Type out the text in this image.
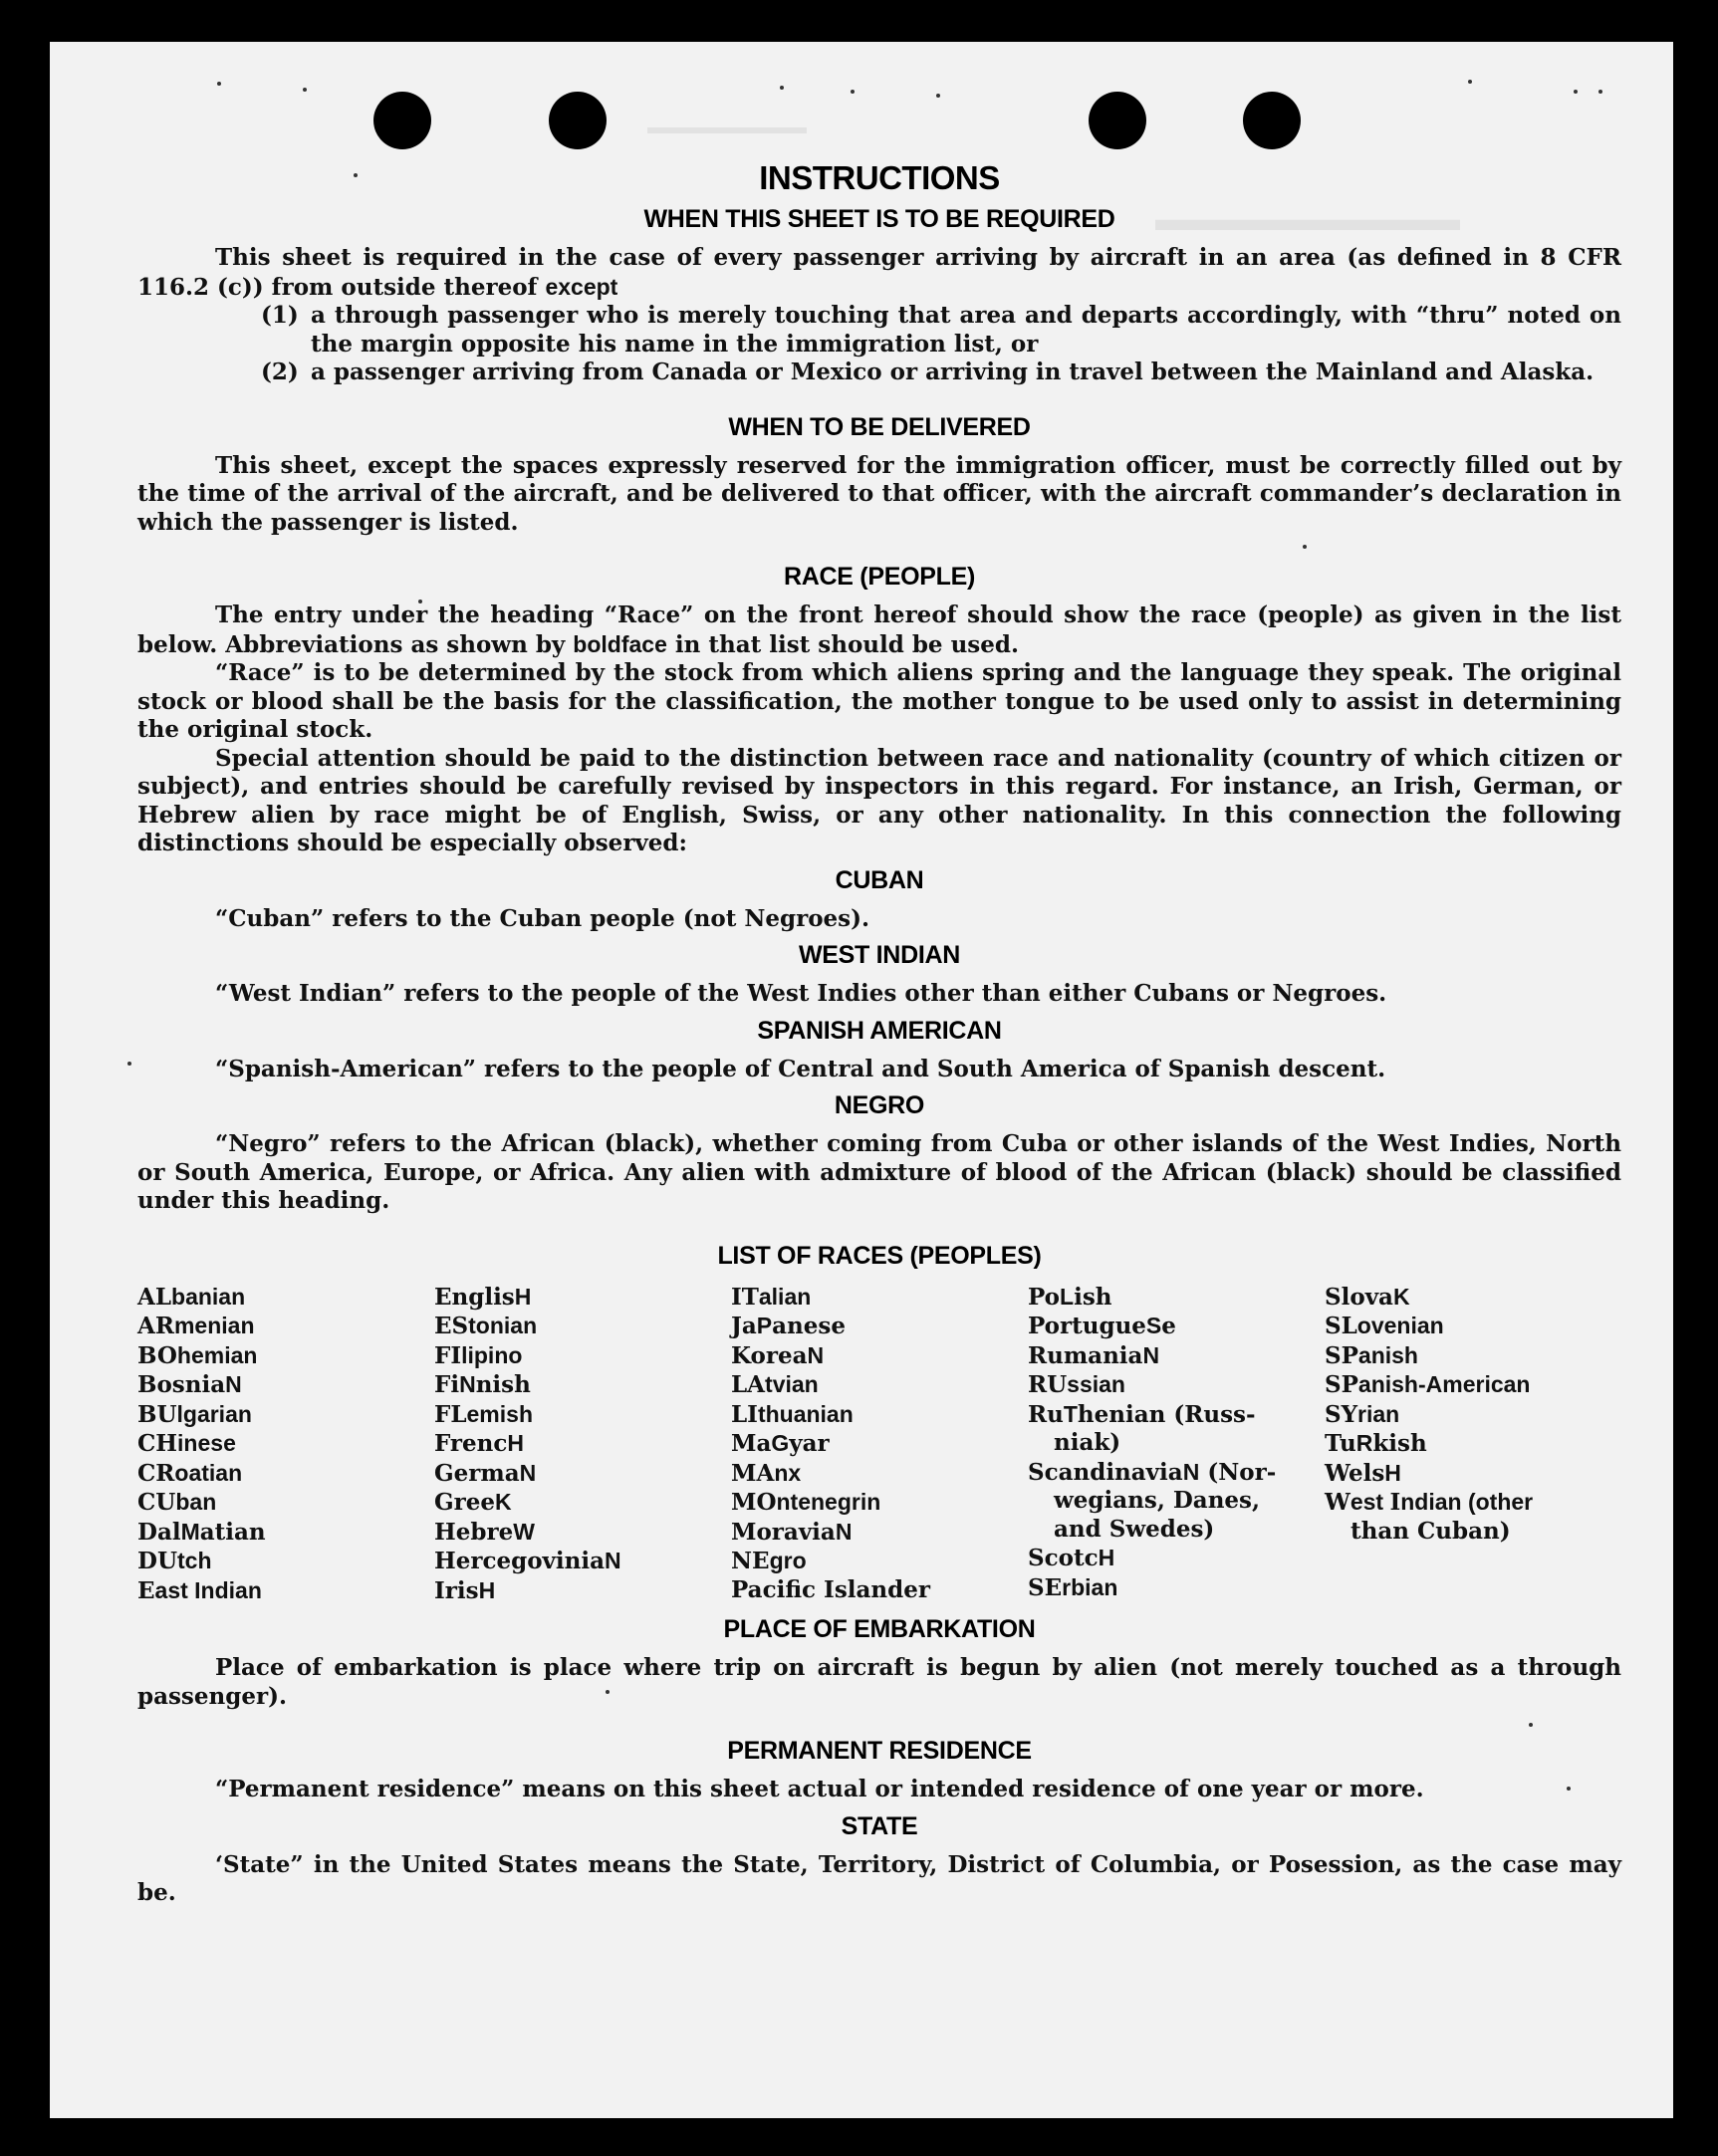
▬▬▬▬▬▬▬▬
▬▬▬▬▬▬▬▬▬
INSTRUCTIONS
WHEN THIS SHEET IS TO BE REQUIRED

This sheet is required in the case of every passenger arriving by aircraft in an area (as defined in 8 CFR 116.2 (c)) from outside thereof except

(1) a through passenger who is merely touching that area and departs accordingly, with “thru” noted on the margin opposite his name in the immigration list, or
(2) a passenger arriving from Canada or Mexico or arriving in travel between the Mainland and Alaska.
WHEN TO BE DELIVERED

This sheet, except the spaces expressly reserved for the immigration officer, must be correctly filled out by the time of the arrival of the aircraft, and be delivered to that officer, with the aircraft commander’s declaration in which the passenger is listed.

RACE (PEOPLE)

The entry under the heading “Race” on the front hereof should show the race (people) as given in the list below. Abbreviations as shown by boldface in that list should be used.

“Race” is to be determined by the stock from which aliens spring and the language they speak. The original stock or blood shall be the basis for the classification, the mother tongue to be used only to assist in determining the original stock.

Special attention should be paid to the distinction between race and nationality (country of which citizen or subject), and entries should be carefully revised by inspectors in this regard. For instance, an Irish, German, or Hebrew alien by race might be of English, Swiss, or any other nationality. In this connection the following distinctions should be especially observed:

CUBAN

“Cuban” refers to the Cuban people (not Negroes).

WEST INDIAN

“West Indian” refers to the people of the West Indies other than either Cubans or Negroes.

SPANISH AMERICAN

“Spanish-American” refers to the people of Central and South America of Spanish descent.

NEGRO

“Negro” refers to the African (black), whether coming from Cuba or other islands of the West Indies, North or South America, Europe, or Africa. Any alien with admixture of blood of the African (black) should be classified under this heading.

LIST OF RACES (PEOPLES)
ALbanian
ARmenian
BOhemian
BosniaN
BUlgarian
CHinese
CRoatian
CUban
DalMatian
DUtch
East Indian
EnglisH
EStonian
FIlipino
FiNnish
FLemish
FrencH
GermaN
GreeK
HebreW
HercegoviniaN
IrisH
ITalian
JaPanese
KoreaN
LAtvian
LIthuanian
MaGyar
MAnx
MOntenegrin
MoraviaN
NEgro
Pacific Islander
PoLish
PortugueSe
RumaniaN
RUssian
RuThenian (Russ-
niak)
ScandinaviaN (Nor-
wegians, Danes,
and Swedes)
ScotcH
SErbian
SlovaK
SLovenian
SPanish
SPanish-American
SYrian
TuRkish
WelsH
West Indian (other
than Cuban)
PLACE OF EMBARKATION

Place of embarkation is place where trip on aircraft is begun by alien (not merely touched as a through passenger).

PERMANENT RESIDENCE

“Permanent residence” means on this sheet actual or intended residence of one year or more.

STATE

‘State” in the United States means the State, Territory, District of Columbia, or Posession, as the case may be.
